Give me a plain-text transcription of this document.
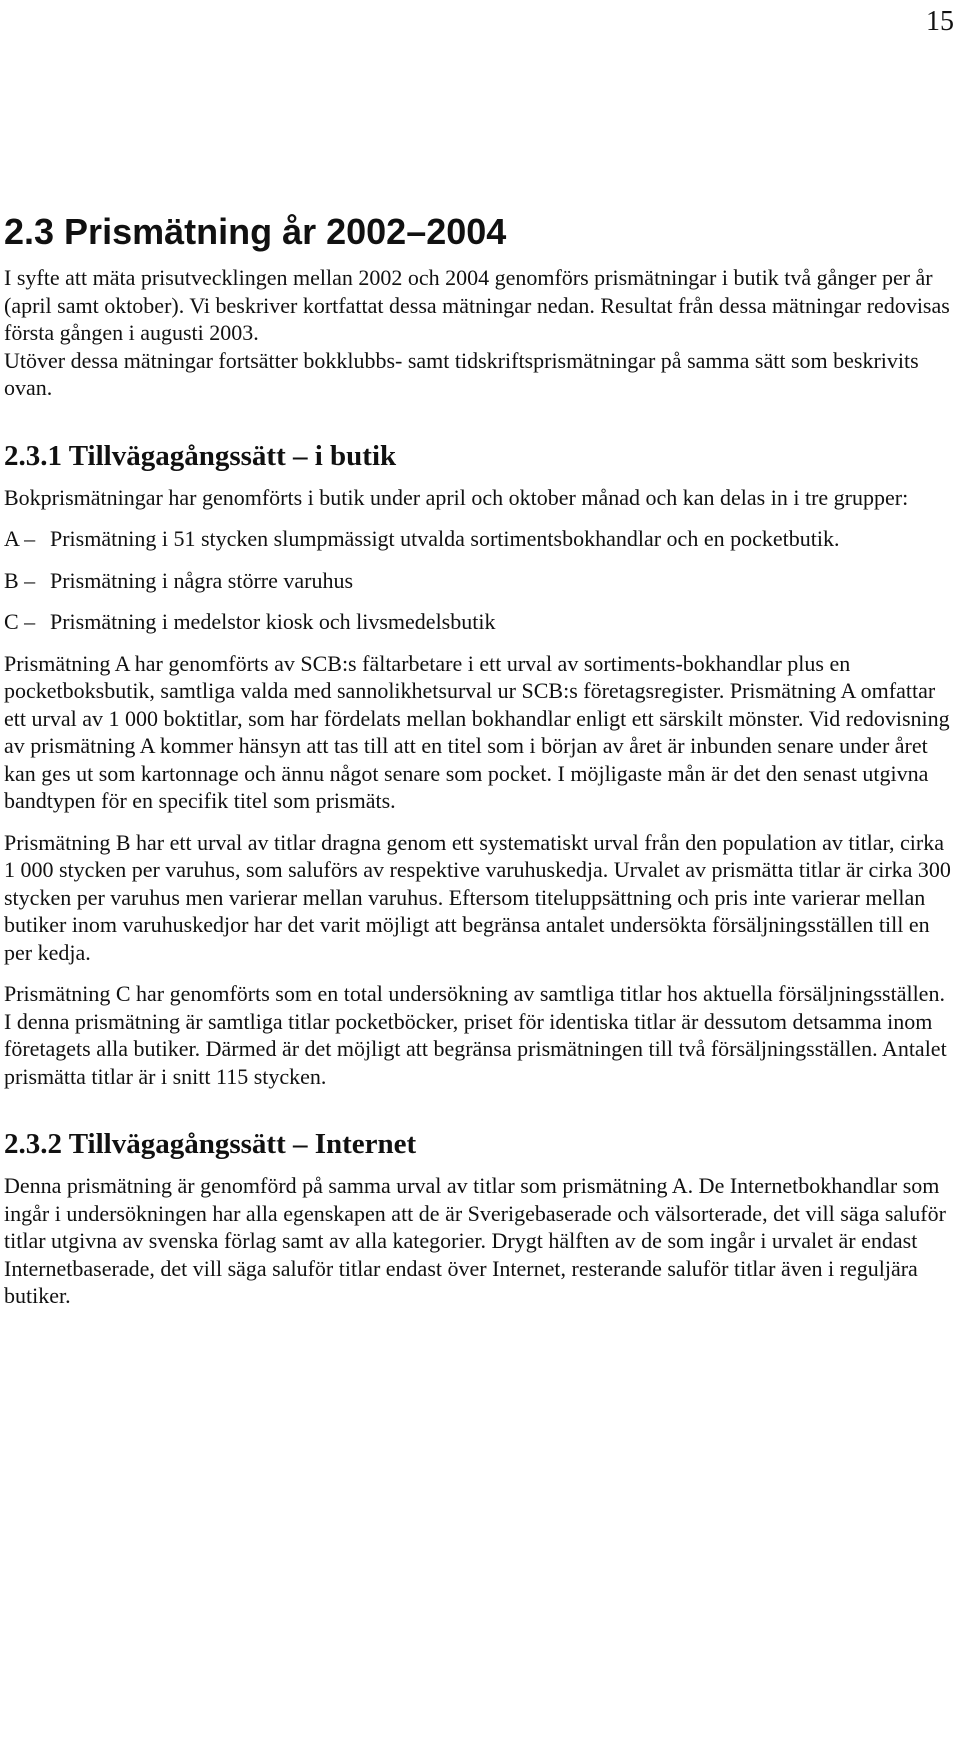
15
2.3 Prismätning år 2002–2004

I syfte att mäta prisutvecklingen mellan 2002 och 2004 genomförs prismätningar i butik två gånger per år (april samt oktober). Vi beskriver kortfattat dessa mätningar nedan. Resultat från dessa mätningar redovisas första gången i augusti 2003.

Utöver dessa mätningar fortsätter bokklubbs- samt tidskriftsprismätningar på samma sätt som beskrivits ovan.

2.3.1 Tillvägagångssätt – i butik

Bokprismätningar har genomförts i butik under april och oktober månad och kan delas in i tre grupper:

A – Prismätning i 51 stycken slumpmässigt utvalda sortimentsbokhandlar och en pocketbutik.
B – Prismätning i några större varuhus
C – Prismätning i medelstor kiosk och livsmedelsbutik

Prismätning A har genomförts av SCB:s fältarbetare i ett urval av sortiments-bokhandlar plus en pocketboksbutik, samtliga valda med sannolikhetsurval ur SCB:s företagsregister. Prismätning A omfattar ett urval av 1 000 boktitlar, som har fördelats mellan bokhandlar enligt ett särskilt mönster. Vid redovisning av prismätning A kommer hänsyn att tas till att en titel som i början av året är inbunden senare under året kan ges ut som kartonnage och ännu något senare som pocket. I möjligaste mån är det den senast utgivna bandtypen för en specifik titel som prismäts.

Prismätning B har ett urval av titlar dragna genom ett systematiskt urval från den population av titlar, cirka 1 000 stycken per varuhus, som saluförs av respektive varuhuskedja. Urvalet av prismätta titlar är cirka 300 stycken per varuhus men varierar mellan varuhus. Eftersom titeluppsättning och pris inte varierar mellan butiker inom varuhuskedjor har det varit möjligt att begränsa antalet undersökta försäljningsställen till en per kedja.

Prismätning C har genomförts som en total undersökning av samtliga titlar hos aktuella försäljningsställen. I denna prismätning är samtliga titlar pocketböcker, priset för identiska titlar är dessutom detsamma inom företagets alla butiker. Därmed är det möjligt att begränsa prismätningen till två försäljningsställen. Antalet prismätta titlar är i snitt 115 stycken.

2.3.2 Tillvägagångssätt – Internet

Denna prismätning är genomförd på samma urval av titlar som prismätning A. De Internetbokhandlar som ingår i undersökningen har alla egenskapen att de är Sverigebaserade och välsorterade, det vill säga saluför titlar utgivna av svenska förlag samt av alla kategorier. Drygt hälften av de som ingår i urvalet är endast Internetbaserade, det vill säga saluför titlar endast över Internet, resterande saluför titlar även i reguljära butiker.
